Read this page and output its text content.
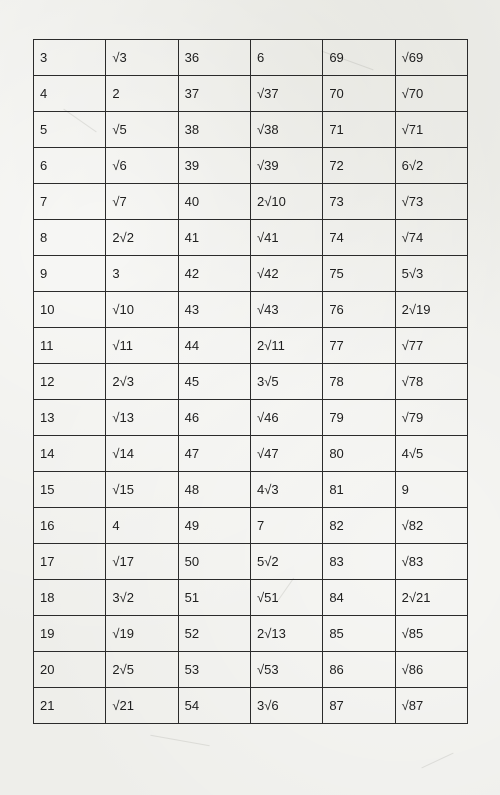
3	√3	36	6	69	√69
4	2	37	√37	70	√70
5	√5	38	√38	71	√71
6	√6	39	√39	72	6√2
7	√7	40	2√10	73	√73
8	2√2	41	√41	74	√74
9	3	42	√42	75	5√3
10	√10	43	√43	76	2√19
11	√11	44	2√11	77	√77
12	2√3	45	3√5	78	√78
13	√13	46	√46	79	√79
14	√14	47	√47	80	4√5
15	√15	48	4√3	81	9
16	4	49	7	82	√82
17	√17	50	5√2	83	√83
18	3√2	51	√51	84	2√21
19	√19	52	2√13	85	√85
20	2√5	53	√53	86	√86
21	√21	54	3√6	87	√87
